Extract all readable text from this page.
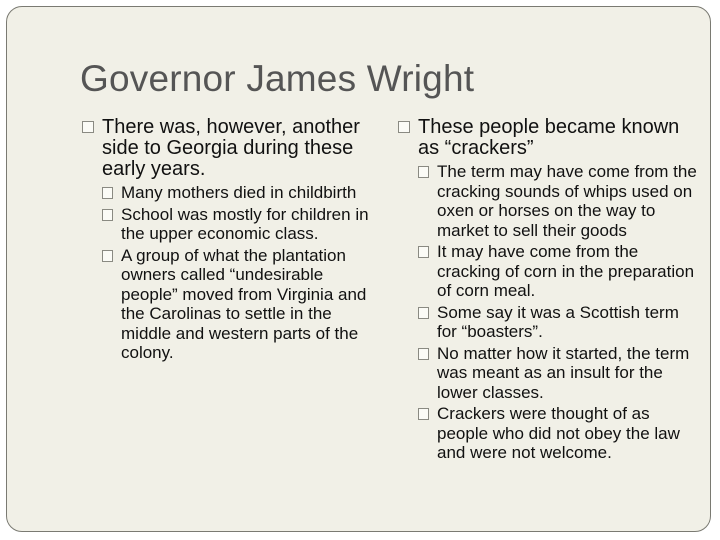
Governor James Wright
There was, however, another side to Georgia during these early years.
Many mothers died in childbirth
School was mostly for children in the upper economic class.
A group of what the plantation owners called “undesirable people” moved from Virginia and the Carolinas to settle in the middle and western parts of the colony.
These people became known as “crackers”
The term may have come from the cracking sounds of whips used on oxen or horses on the way to market to sell their goods
It may have come from the cracking of corn in the preparation of corn meal.
Some say it was a Scottish term for “boasters”.
No matter how it started, the term was meant as an insult for the lower classes.
Crackers were thought of as people who did not obey the law and were not welcome.
